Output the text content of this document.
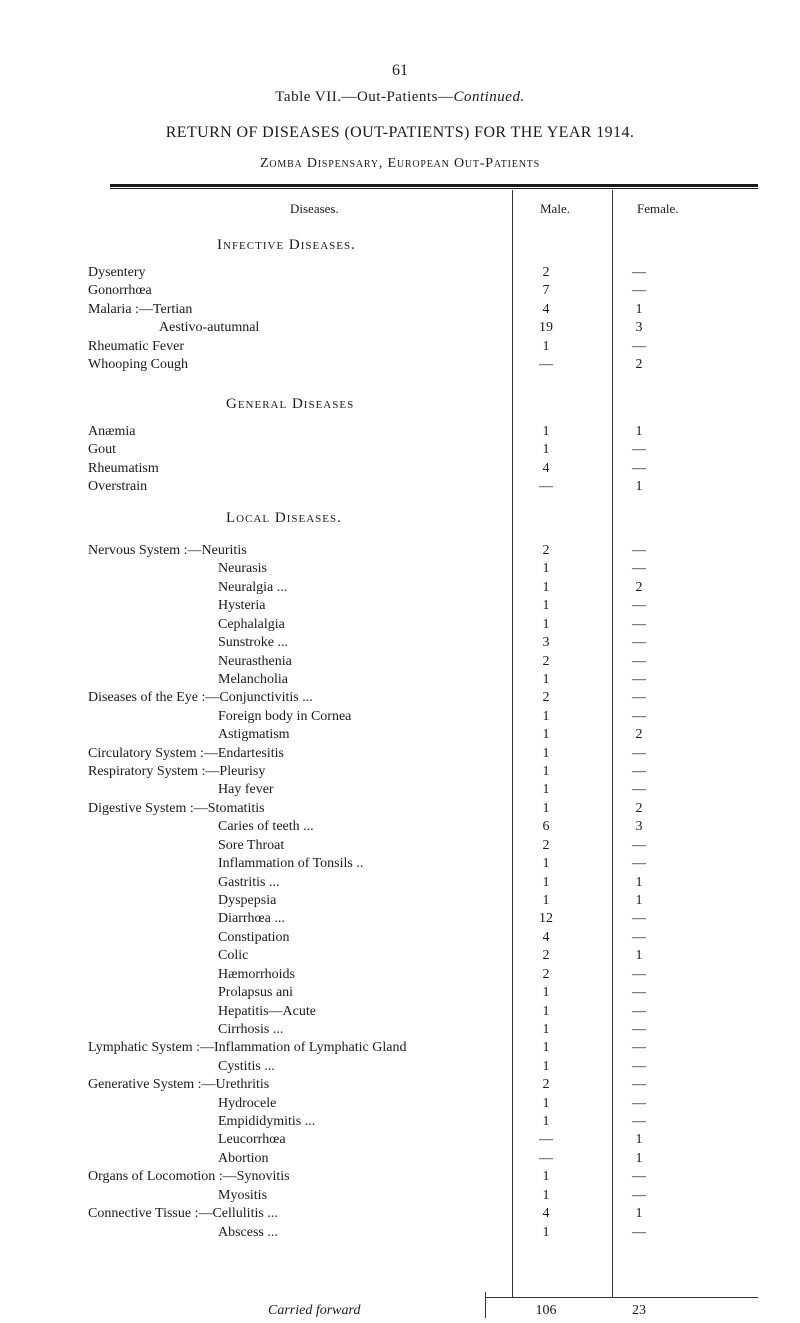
61
Table VII.—Out-Patients—Continued.
RETURN OF DISEASES (OUT-PATIENTS) FOR THE YEAR 1914.
Zomba Dispensary, European Out-Patients
Diseases.	Male.	Female.
Infective Diseases.
Dysentery	2	—
Gonorrhœa	7	—
Malaria :—Tertian	4	1
Aestivo-autumnal	19	3
Rheumatic Fever	1	—
Whooping Cough	—	2
General Diseases
Anæmia	1	1
Gout	1	—
Rheumatism	4	—
Overstrain	—	1
Local Diseases.
Nervous System :—Neuritis	2	—
Neurasis	1	—
Neuralgia ...	1	2
Hysteria	1	—
Cephalalgia	1	—
Sunstroke ...	3	—
Neurasthenia	2	—
Melancholia	1	—
Diseases of the Eye :—Conjunctivitis ...	2	—
Foreign body in Cornea	1	—
Astigmatism	1	2
Circulatory System :—Endartesitis	1	—
Respiratory System :—Pleurisy	1	—
Hay fever	1	—
Digestive System :—Stomatitis	1	2
Caries of teeth ...	6	3
Sore Throat	2	—
Inflammation of Tonsils ..	1	—
Gastritis ...	1	1
Dyspepsia	1	1
Diarrhœa ...	12	—
Constipation	4	—
Colic	2	1
Hæmorrhoids	2	—
Prolapsus ani	1	—
Hepatitis—Acute	1	—
Cirrhosis ...	1	—
Lymphatic System :—Inflammation of Lymphatic Gland	1	—
Cystitis ...	1	—
Generative System :—Urethritis	2	—
Hydrocele	1	—
Empididymitis ...	1	—
Leucorrhœa	—	1
Abortion	—	1
Organs of Locomotion :—Synovitis	1	—
Myositis	1	—
Connective Tissue :—Cellulitis ...	4	1
Abscess ...	1	—
Carried forward	106	23
